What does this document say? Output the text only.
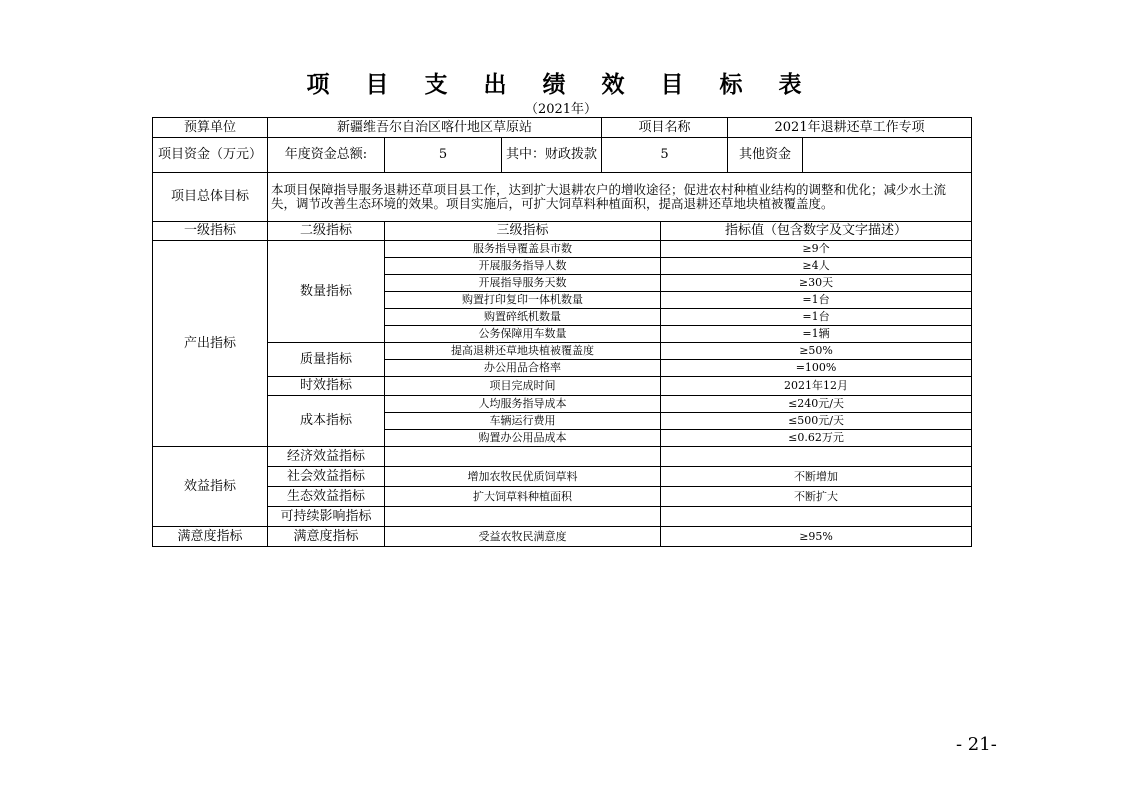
项 目 支 出 绩 效 目 标 表
（2021年）
预算单位	新疆维吾尔自治区喀什地区草原站			项目名称		2021年退耕还草工作专项	
项目资金（万元）	年度资金总额:	5	其中：财政拨款	5		其他资金	
项目总体目标	本项目保障指导服务退耕还草项目县工作，达到扩大退耕农户的增收途径；促进农村种植业结构的调整和优化；减少水土流失，调节改善生态环境的效果。项目实施后，可扩大饲草料种植面积，提高退耕还草地块植被覆盖度。						
一级指标	二级指标	三级指标			指标值（包含数字及文字描述）		
产出指标	数量指标	服务指导覆盖县市数			≥9个		
		开展服务指导人数			≥4人		
		开展指导服务天数			≥30天		
		购置打印复印一体机数量			=1台		
		购置碎纸机数量			=1台		
		公务保障用车数量			=1辆		
	质量指标	提高退耕还草地块植被覆盖度			≥50%		
		办公用品合格率			=100%		
	时效指标	项目完成时间			2021年12月		
	成本指标	人均服务指导成本			≤240元/天		
		车辆运行费用			≤500元/天		
		购置办公用品成本			≤0.62万元		
效益指标	经济效益指标						
	社会效益指标	增加农牧民优质饲草料			不断增加		
	生态效益指标	扩大饲草料种植面积			不断扩大		
	可持续影响指标						
满意度指标	满意度指标	受益农牧民满意度			≥95%		
- 21-
